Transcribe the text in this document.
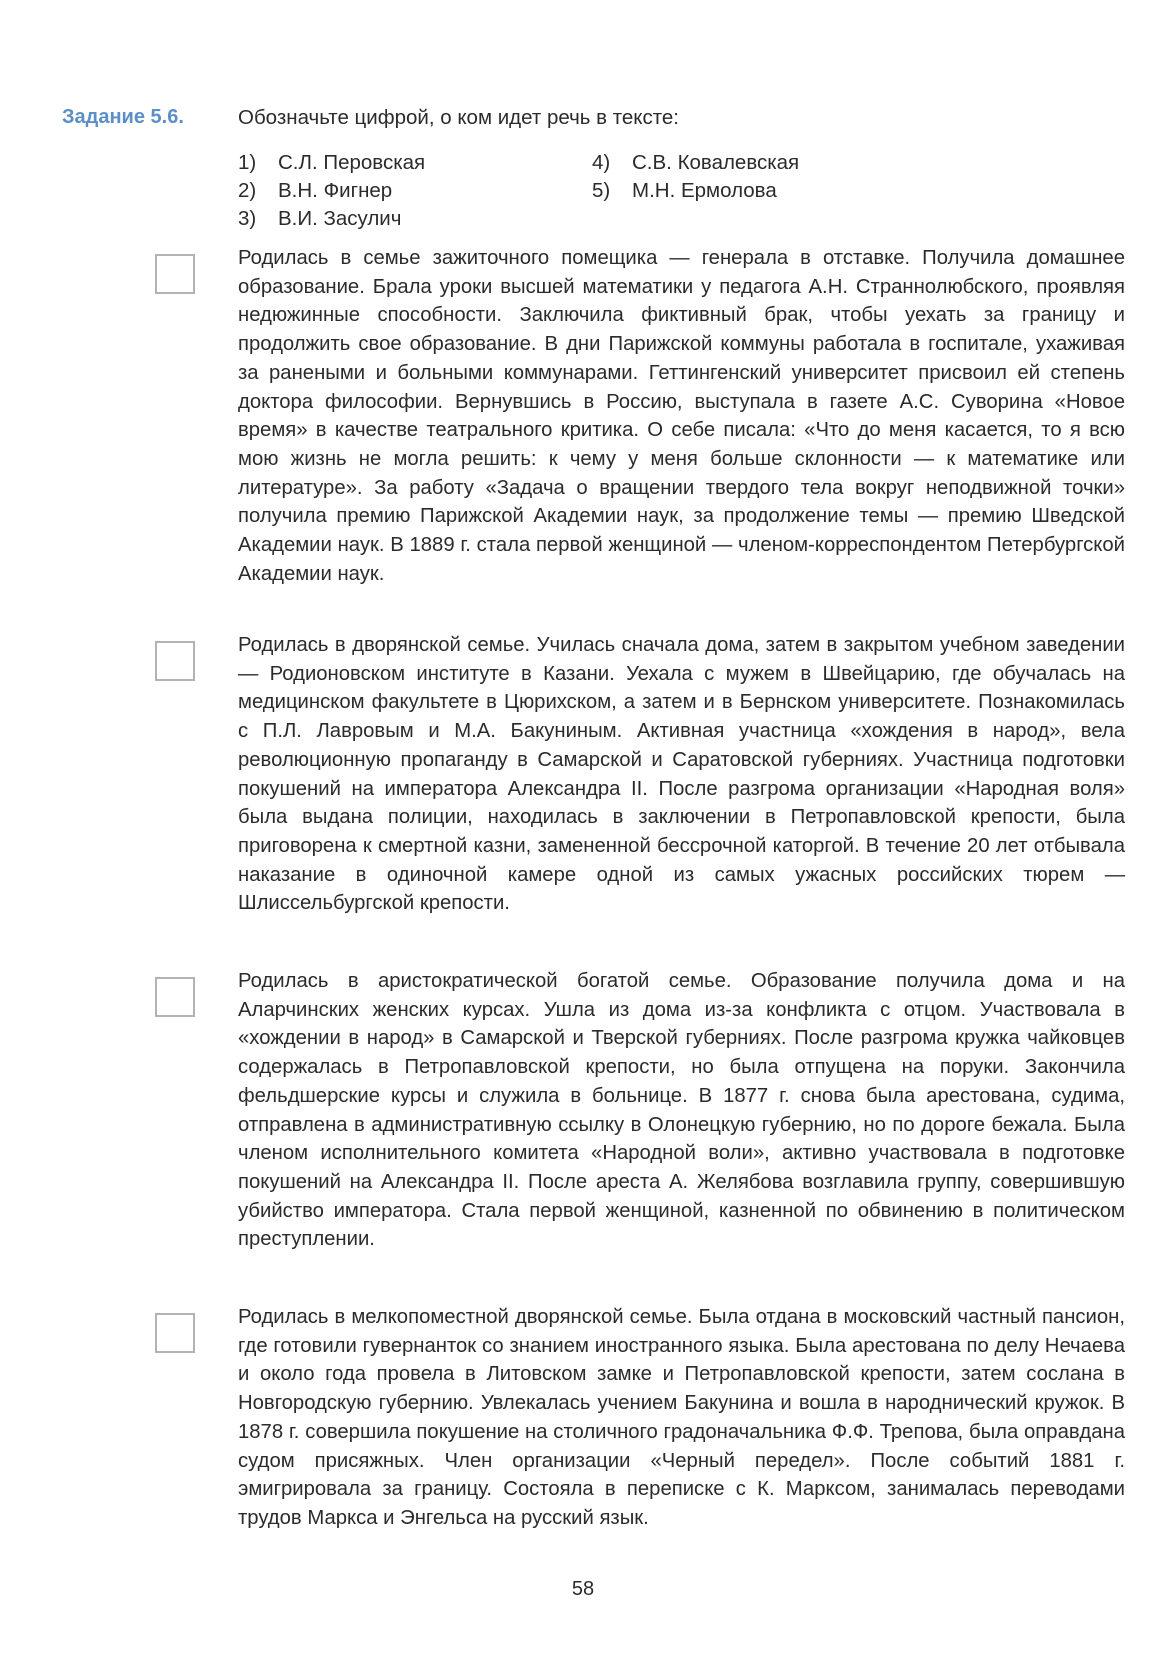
Задание 5.6.	Обозначьте цифрой, о ком идет речь в тексте:
1) С.Л. Перовская
2) В.Н. Фигнер
3) В.И. Засулич
4) С.В. Ковалевская
5) М.Н. Ермолова
Родилась в семье зажиточного помещика — генерала в отставке. Получила домашнее образование. Брала уроки высшей математики у педагога А.Н. Страннолюбского, проявляя недюжинные способности. Заключила фиктивный брак, чтобы уехать за границу и продолжить свое образование. В дни Парижской коммуны работала в госпитале, ухаживая за ранеными и больными коммунарами. Геттингенский университет присвоил ей степень доктора философии. Вернувшись в Россию, выступала в газете А.С. Суворина «Новое время» в качестве театрального критика. О себе писала: «Что до меня касается, то я всю мою жизнь не могла решить: к чему у меня больше склонности — к математике или литературе». За работу «Задача о вращении твердого тела вокруг неподвижной точки» получила премию Парижской Академии наук, за продолжение темы — премию Шведской Академии наук. В 1889 г. стала первой женщиной — членом-корреспондентом Петербургской Академии наук.
Родилась в дворянской семье. Училась сначала дома, затем в закрытом учебном заведении — Родионовском институте в Казани. Уехала с мужем в Швейцарию, где обучалась на медицинском факультете в Цюрихском, а затем и в Бернском университете. Познакомилась с П.Л. Лавровым и М.А. Бакуниным. Активная участница «хождения в народ», вела революционную пропаганду в Самарской и Саратовской губерниях. Участница подготовки покушений на императора Александра II. После разгрома организации «Народная воля» была выдана полиции, находилась в заключении в Петропавловской крепости, была приговорена к смертной казни, замененной бессрочной каторгой. В течение 20 лет отбывала наказание в одиночной камере одной из самых ужасных российских тюрем — Шлиссельбургской крепости.
Родилась в аристократической богатой семье. Образование получила дома и на Аларчинских женских курсах. Ушла из дома из-за конфликта с отцом. Участвовала в «хождении в народ» в Самарской и Тверской губерниях. После разгрома кружка чайковцев содержалась в Петропавловской крепости, но была отпущена на поруки. Закончила фельдшерские курсы и служила в больнице. В 1877 г. снова была арестована, судима, отправлена в административную ссылку в Олонецкую губернию, но по дороге бежала. Была членом исполнительного комитета «Народной воли», активно участвовала в подготовке покушений на Александра II. После ареста А. Желябова возглавила группу, совершившую убийство императора. Стала первой женщиной, казненной по обвинению в политическом преступлении.
Родилась в мелкопоместной дворянской семье. Была отдана в московский частный пансион, где готовили гувернанток со знанием иностранного языка. Была арестована по делу Нечаева и около года провела в Литовском замке и Петропавловской крепости, затем сослана в Новгородскую губернию. Увлекалась учением Бакунина и вошла в народнический кружок. В 1878 г. совершила покушение на столичного градоначальника Ф.Ф. Трепова, была оправдана судом присяжных. Член организации «Черный передел». После событий 1881 г. эмигрировала за границу. Состояла в переписке с К. Марксом, занималась переводами трудов Маркса и Энгельса на русский язык.
58
